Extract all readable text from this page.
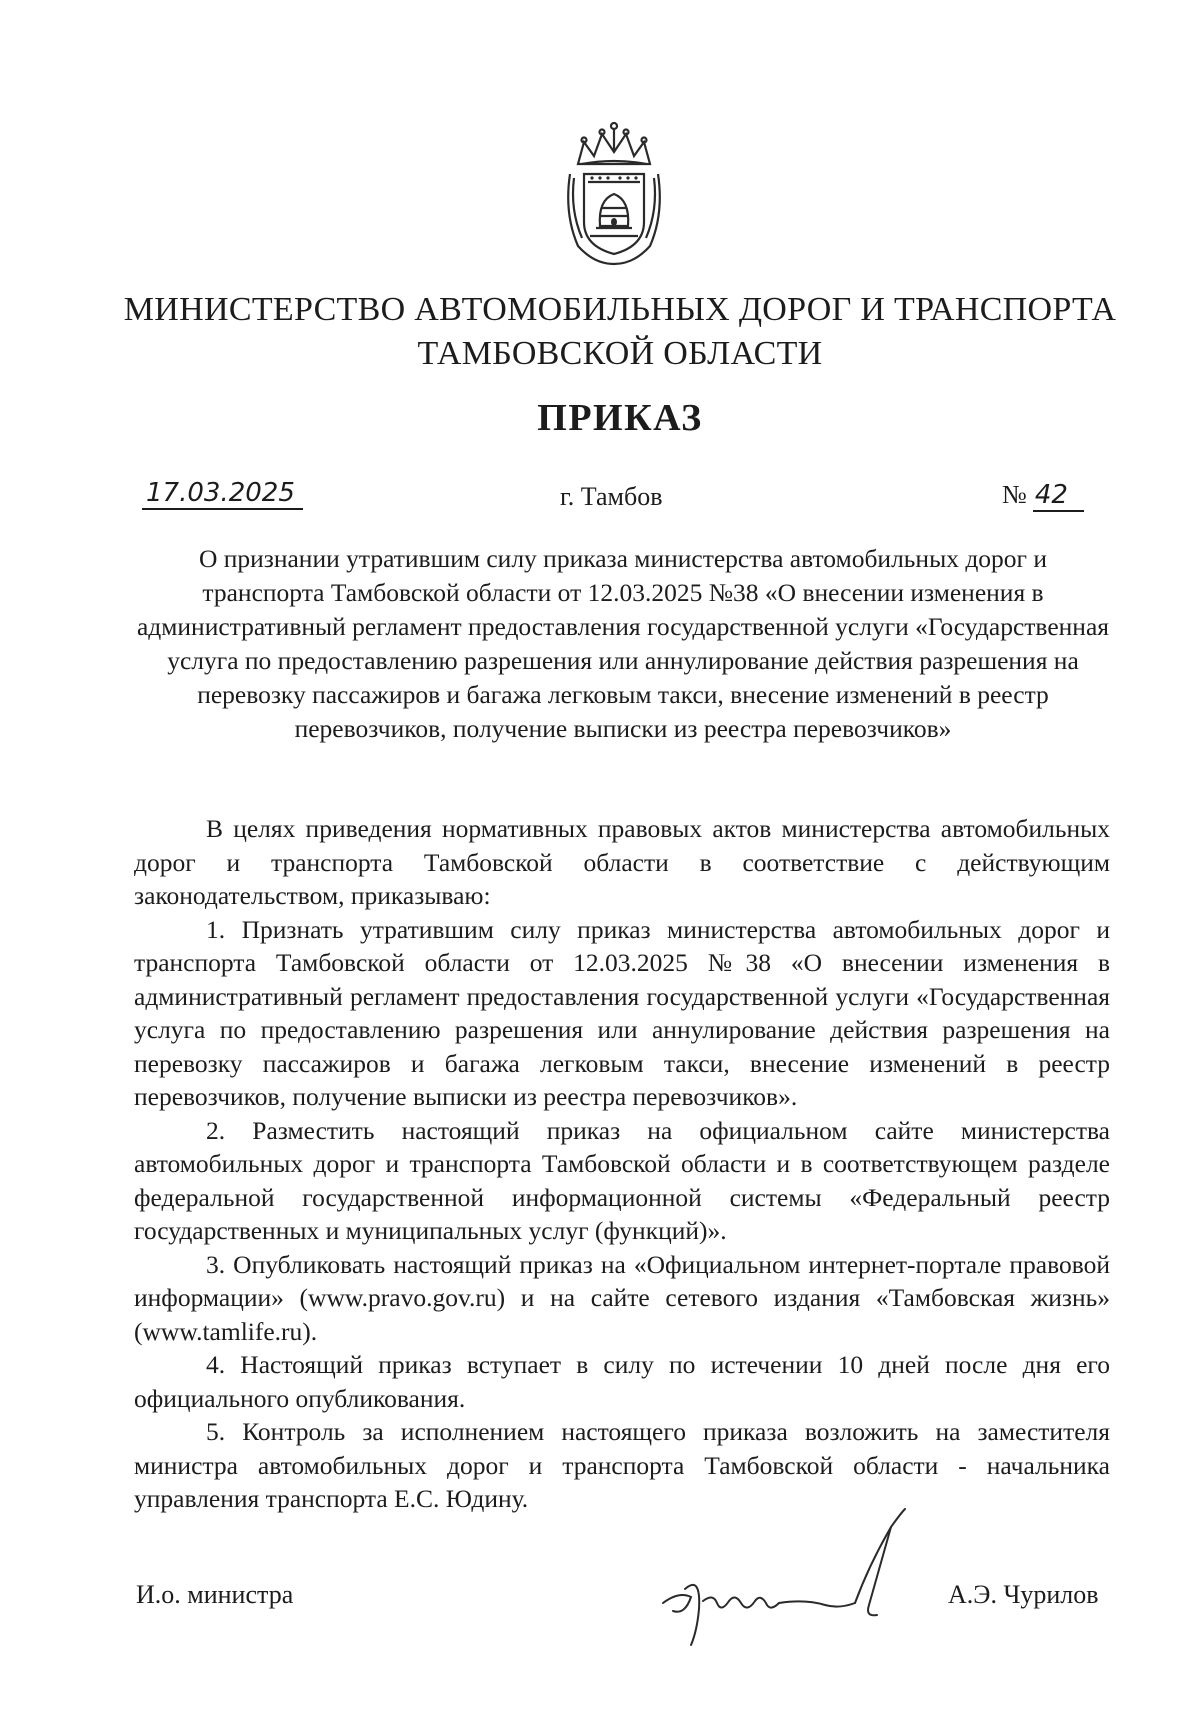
МИНИСТЕРСТВО АВТОМОБИЛЬНЫХ ДОРОГ И ТРАНСПОРТА
ТАМБОВСКОЙ ОБЛАСТИ
ПРИКАЗ
17.03.2025	г. Тамбов	№ 42
О признании утратившим силу приказа министерства автомобильных дорог и транспорта Тамбовской области от 12.03.2025 №38 «О внесении изменения в административный регламент предоставления государственной услуги «Государственная услуга по предоставлению разрешения или аннулирование действия разрешения на перевозку пассажиров и багажа легковым такси, внесение изменений в реестр перевозчиков, получение выписки из реестра перевозчиков»

В целях приведения нормативных правовых актов министерства автомобильных дорог и транспорта Тамбовской области в соответствие с действующим законодательством, приказываю:

1. Признать утратившим силу приказ министерства автомобильных дорог и транспорта Тамбовской области от 12.03.2025 №38 «О внесении изменения в административный регламент предоставления государственной услуги «Государственная услуга по предоставлению разрешения или аннулирование действия разрешения на перевозку пассажиров и багажа легковым такси, внесение изменений в реестр перевозчиков, получение выписки из реестра перевозчиков».

2. Разместить настоящий приказ на официальном сайте министерства автомобильных дорог и транспорта Тамбовской области и в соответствующем разделе федеральной государственной информационной системы «Федеральный реестр государственных и муниципальных услуг (функций)».

3. Опубликовать настоящий приказ на «Официальном интернет-портале правовой информации» (www.pravo.gov.ru) и на сайте сетевого издания «Тамбовская жизнь» (www.tamlife.ru).

4. Настоящий приказ вступает в силу по истечении 10 дней после дня его официального опубликования.

5. Контроль за исполнением настоящего приказа возложить на заместителя министра автомобильных дорог и транспорта Тамбовской области - начальника управления транспорта Е.С. Юдину.

И.о. министра	А.Э. Чурилов
